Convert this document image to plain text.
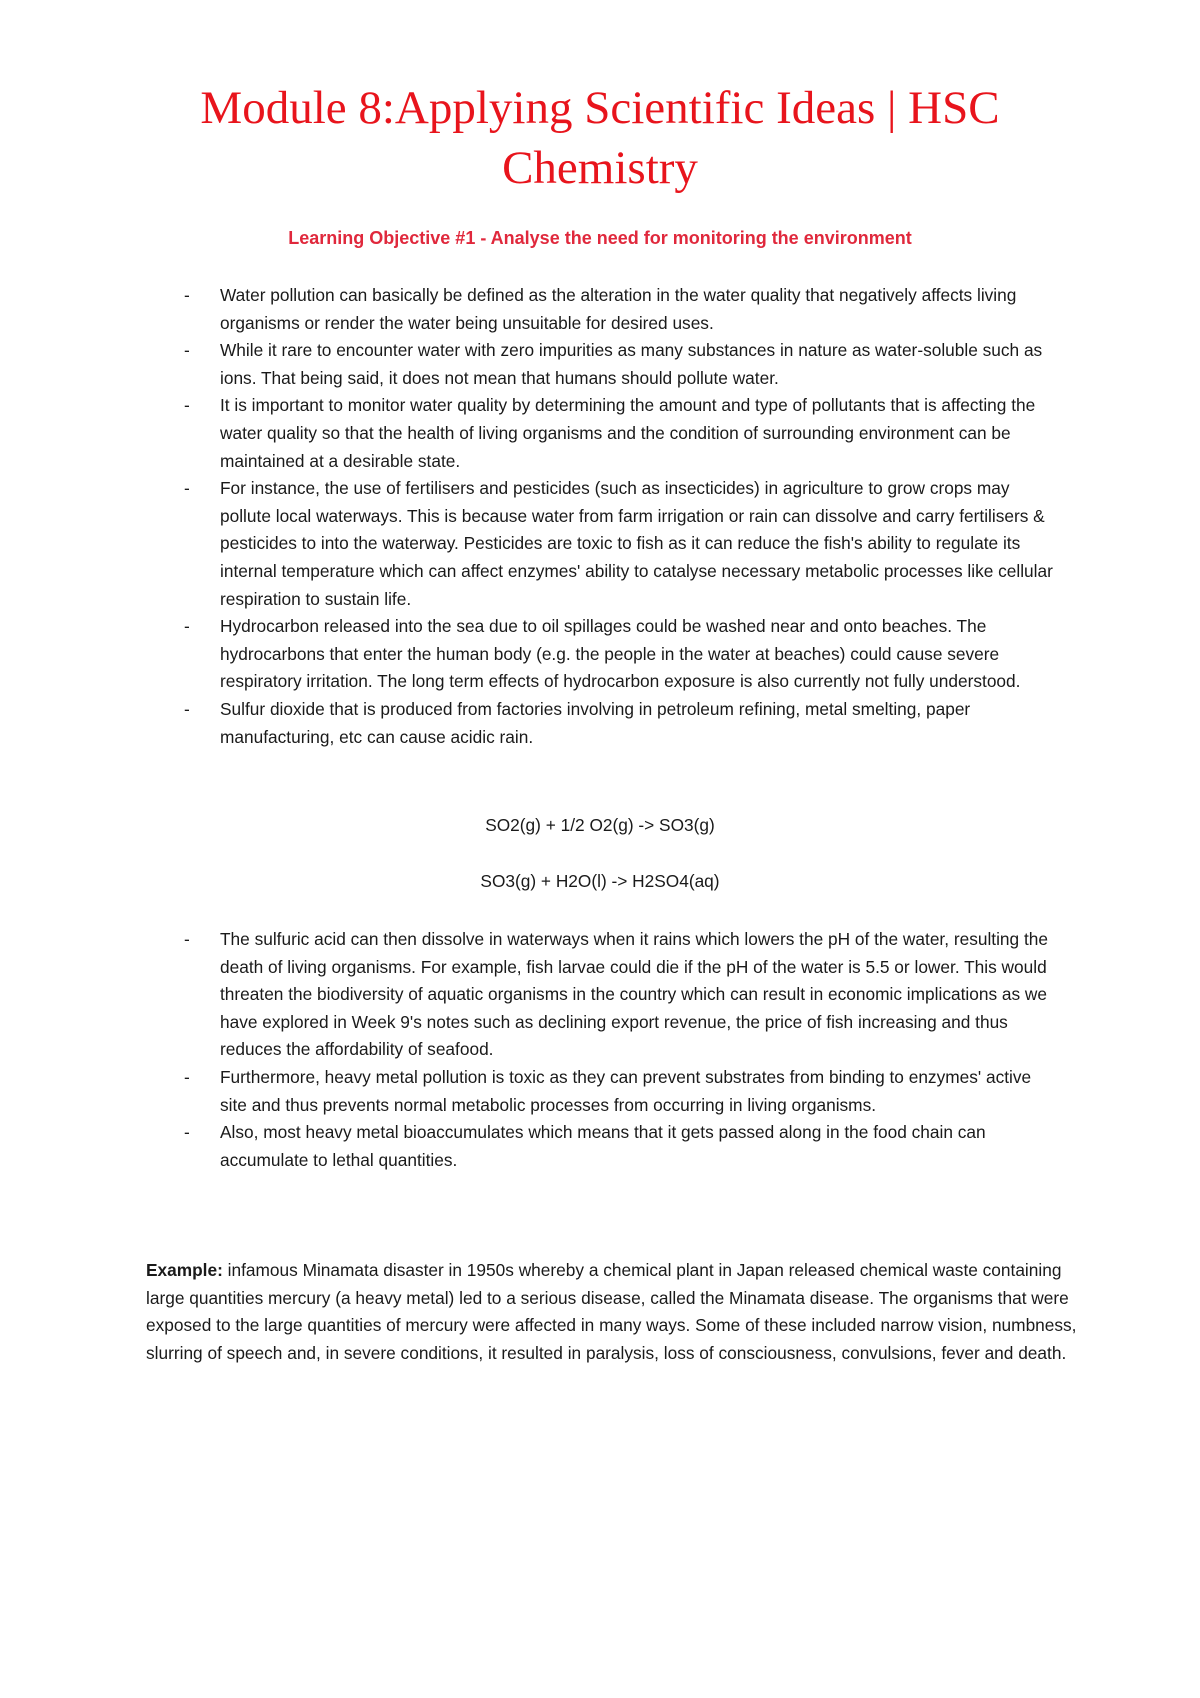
Module 8:Applying Scientific Ideas | HSC Chemistry

Learning Objective #1 - Analyse the need for monitoring the environment

- Water pollution can basically be defined as the alteration in the water quality that negatively affects living organisms or render the water being unsuitable for desired uses.
- While it rare to encounter water with zero impurities as many substances in nature as water-soluble such as ions. That being said, it does not mean that humans should pollute water.
- It is important to monitor water quality by determining the amount and type of pollutants that is affecting the water quality so that the health of living organisms and the condition of surrounding environment can be maintained at a desirable state.
- For instance, the use of fertilisers and pesticides (such as insecticides) in agriculture to grow crops may pollute local waterways. This is because water from farm irrigation or rain can dissolve and carry fertilisers & pesticides to into the waterway. Pesticides are toxic to fish as it can reduce the fish's ability to regulate its internal temperature which can affect enzymes' ability to catalyse necessary metabolic processes like cellular respiration to sustain life.
- Hydrocarbon released into the sea due to oil spillages could be washed near and onto beaches. The hydrocarbons that enter the human body (e.g. the people in the water at beaches) could cause severe respiratory irritation. The long term effects of hydrocarbon exposure is also currently not fully understood.
- Sulfur dioxide that is produced from factories involving in petroleum refining, metal smelting, paper manufacturing, etc can cause acidic rain.

SO2(g) + 1/2 O2(g) -> SO3(g)

SO3(g) + H2O(l) -> H2SO4(aq)

- The sulfuric acid can then dissolve in waterways when it rains which lowers the pH of the water, resulting the death of living organisms. For example, fish larvae could die if the pH of the water is 5.5 or lower. This would threaten the biodiversity of aquatic organisms in the country which can result in economic implications as we have explored in Week 9's notes such as declining export revenue, the price of fish increasing and thus reduces the affordability of seafood.
- Furthermore, heavy metal pollution is toxic as they can prevent substrates from binding to enzymes' active site and thus prevents normal metabolic processes from occurring in living organisms.
- Also, most heavy metal bioaccumulates which means that it gets passed along in the food chain can accumulate to lethal quantities.

Example: infamous Minamata disaster in 1950s whereby a chemical plant in Japan released chemical waste containing large quantities mercury (a heavy metal) led to a serious disease, called the Minamata disease. The organisms that were exposed to the large quantities of mercury were affected in many ways. Some of these included narrow vision, numbness, slurring of speech and, in severe conditions, it resulted in paralysis, loss of consciousness, convulsions, fever and death.
